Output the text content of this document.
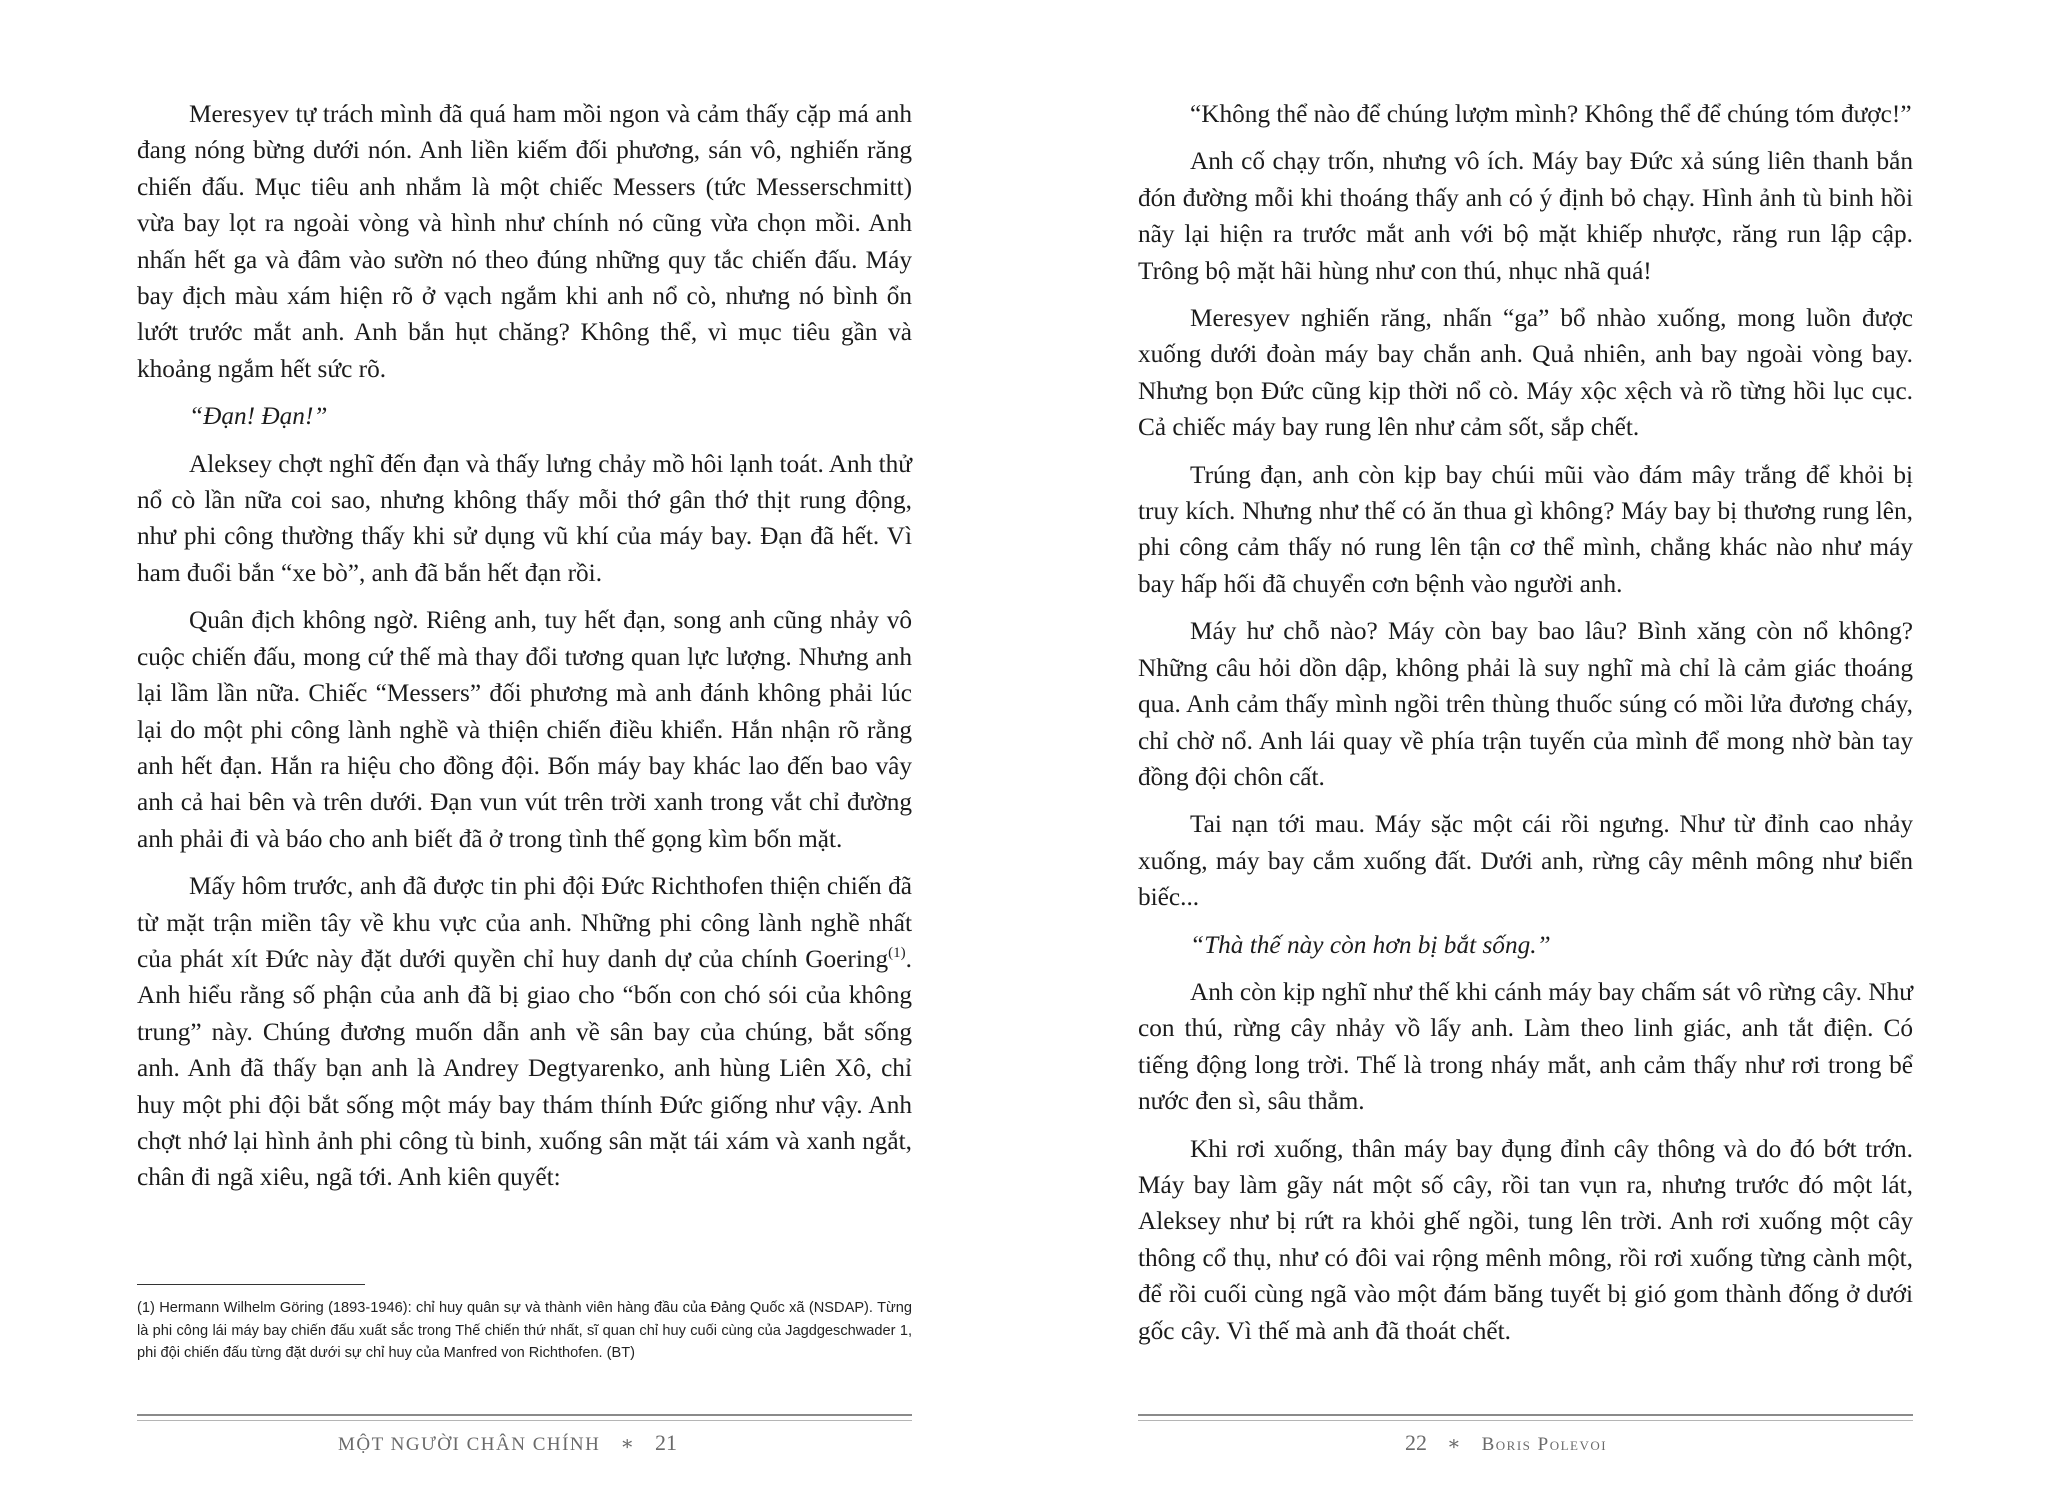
Meresyev tự trách mình đã quá ham mồi ngon và cảm thấy cặp má anh đang nóng bừng dưới nón. Anh liền kiếm đối phương, sán vô, nghiến răng chiến đấu. Mục tiêu anh nhắm là một chiếc Messers (tức Messerschmitt) vừa bay lọt ra ngoài vòng và hình như chính nó cũng vừa chọn mồi. Anh nhấn hết ga và đâm vào sườn nó theo đúng những quy tắc chiến đấu. Máy bay địch màu xám hiện rõ ở vạch ngắm khi anh nổ cò, nhưng nó bình ổn lướt trước mắt anh. Anh bắn hụt chăng? Không thể, vì mục tiêu gần và khoảng ngắm hết sức rõ.

“Đạn! Đạn!”

Aleksey chợt nghĩ đến đạn và thấy lưng chảy mồ hôi lạnh toát. Anh thử nổ cò lần nữa coi sao, nhưng không thấy mỗi thớ gân thớ thịt rung động, như phi công thường thấy khi sử dụng vũ khí của máy bay. Đạn đã hết. Vì ham đuổi bắn “xe bò”, anh đã bắn hết đạn rồi.

Quân địch không ngờ. Riêng anh, tuy hết đạn, song anh cũng nhảy vô cuộc chiến đấu, mong cứ thế mà thay đổi tương quan lực lượng. Nhưng anh lại lầm lần nữa. Chiếc “Messers” đối phương mà anh đánh không phải lúc lại do một phi công lành nghề và thiện chiến điều khiển. Hắn nhận rõ rằng anh hết đạn. Hắn ra hiệu cho đồng đội. Bốn máy bay khác lao đến bao vây anh cả hai bên và trên dưới. Đạn vun vút trên trời xanh trong vắt chỉ đường anh phải đi và báo cho anh biết đã ở trong tình thế gọng kìm bốn mặt.

Mấy hôm trước, anh đã được tin phi đội Đức Richthofen thiện chiến đã từ mặt trận miền tây về khu vực của anh. Những phi công lành nghề nhất của phát xít Đức này đặt dưới quyền chỉ huy danh dự của chính Goering$^{(1)}$. Anh hiểu rằng số phận của anh đã bị giao cho “bốn con chó sói của không trung” này. Chúng đương muốn dẫn anh về sân bay của chúng, bắt sống anh. Anh đã thấy bạn anh là Andrey Degtyarenko, anh hùng Liên Xô, chỉ huy một phi đội bắt sống một máy bay thám thính Đức giống như vậy. Anh chợt nhớ lại hình ảnh phi công tù binh, xuống sân mặt tái xám và xanh ngắt, chân đi ngã xiêu, ngã tới. Anh kiên quyết:

(1) Hermann Wilhelm Göring (1893-1946): chỉ huy quân sự và thành viên hàng đầu của Đảng Quốc xã (NSDAP). Từng là phi công lái máy bay chiến đấu xuất sắc trong Thế chiến thứ nhất, sĩ quan chỉ huy cuối cùng của Jagdgeschwader 1, phi đội chiến đấu từng đặt dưới sự chỉ huy của Manfred von Richthofen. (BT)

MỘT NGƯỜI CHÂN CHÍNH ∗ 21

“Không thể nào để chúng lượm mình? Không thể để chúng tóm được!”

Anh cố chạy trốn, nhưng vô ích. Máy bay Đức xả súng liên thanh bắn đón đường mỗi khi thoáng thấy anh có ý định bỏ chạy. Hình ảnh tù binh hồi nãy lại hiện ra trước mắt anh với bộ mặt khiếp nhược, răng run lập cập. Trông bộ mặt hãi hùng như con thú, nhục nhã quá!

Meresyev nghiến răng, nhấn “ga” bổ nhào xuống, mong luồn được xuống dưới đoàn máy bay chắn anh. Quả nhiên, anh bay ngoài vòng bay. Nhưng bọn Đức cũng kịp thời nổ cò. Máy xộc xệch và rồ từng hồi lục cục. Cả chiếc máy bay rung lên như cảm sốt, sắp chết.

Trúng đạn, anh còn kịp bay chúi mũi vào đám mây trắng để khỏi bị truy kích. Nhưng như thế có ăn thua gì không? Máy bay bị thương rung lên, phi công cảm thấy nó rung lên tận cơ thể mình, chẳng khác nào như máy bay hấp hối đã chuyển cơn bệnh vào người anh.

Máy hư chỗ nào? Máy còn bay bao lâu? Bình xăng còn nổ không? Những câu hỏi dồn dập, không phải là suy nghĩ mà chỉ là cảm giác thoáng qua. Anh cảm thấy mình ngồi trên thùng thuốc súng có mồi lửa đương cháy, chỉ chờ nổ. Anh lái quay về phía trận tuyến của mình để mong nhờ bàn tay đồng đội chôn cất.

Tai nạn tới mau. Máy sặc một cái rồi ngưng. Như từ đỉnh cao nhảy xuống, máy bay cắm xuống đất. Dưới anh, rừng cây mênh mông như biển biếc...

“Thà thế này còn hơn bị bắt sống.”

Anh còn kịp nghĩ như thế khi cánh máy bay chấm sát vô rừng cây. Như con thú, rừng cây nhảy vồ lấy anh. Làm theo linh giác, anh tắt điện. Có tiếng động long trời. Thế là trong nháy mắt, anh cảm thấy như rơi trong bể nước đen sì, sâu thẳm.

Khi rơi xuống, thân máy bay đụng đỉnh cây thông và do đó bớt trớn. Máy bay làm gãy nát một số cây, rồi tan vụn ra, nhưng trước đó một lát, Aleksey như bị rứt ra khỏi ghế ngồi, tung lên trời. Anh rơi xuống một cây thông cổ thụ, như có đôi vai rộng mênh mông, rồi rơi xuống từng cành một, để rồi cuối cùng ngã vào một đám băng tuyết bị gió gom thành đống ở dưới gốc cây. Vì thế mà anh đã thoát chết.

22 ∗ Boris Polevoi
